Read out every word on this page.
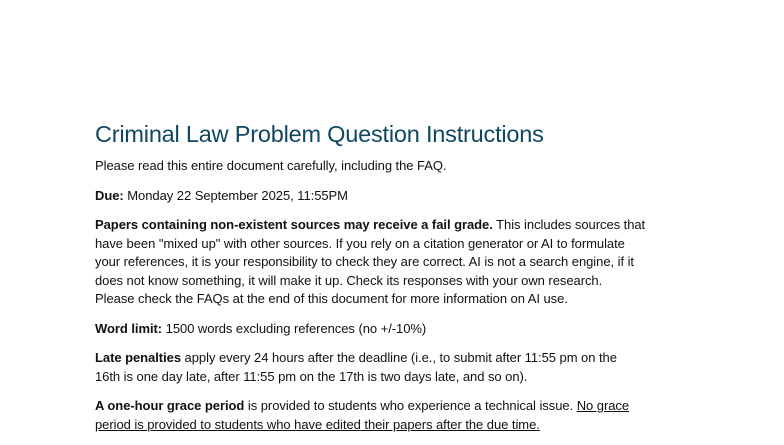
Criminal Law Problem Question Instructions

Please read this entire document carefully, including the FAQ.

Due: Monday 22 September 2025, 11:55PM

Papers containing non-existent sources may receive a fail grade. This includes sources that
have been "mixed up" with other sources. If you rely on a citation generator or AI to formulate
your references, it is your responsibility to check they are correct. AI is not a search engine, if it
does not know something, it will make it up. Check its responses with your own research.
Please check the FAQs at the end of this document for more information on AI use.

Word limit: 1500 words excluding references (no +/-10%)

Late penalties apply every 24 hours after the deadline (i.e., to submit after 11:55 pm on the
16th is one day late, after 11:55 pm on the 17th is two days late, and so on).

A one-hour grace period is provided to students who experience a technical issue. No grace
period is provided to students who have edited their papers after the due time.
